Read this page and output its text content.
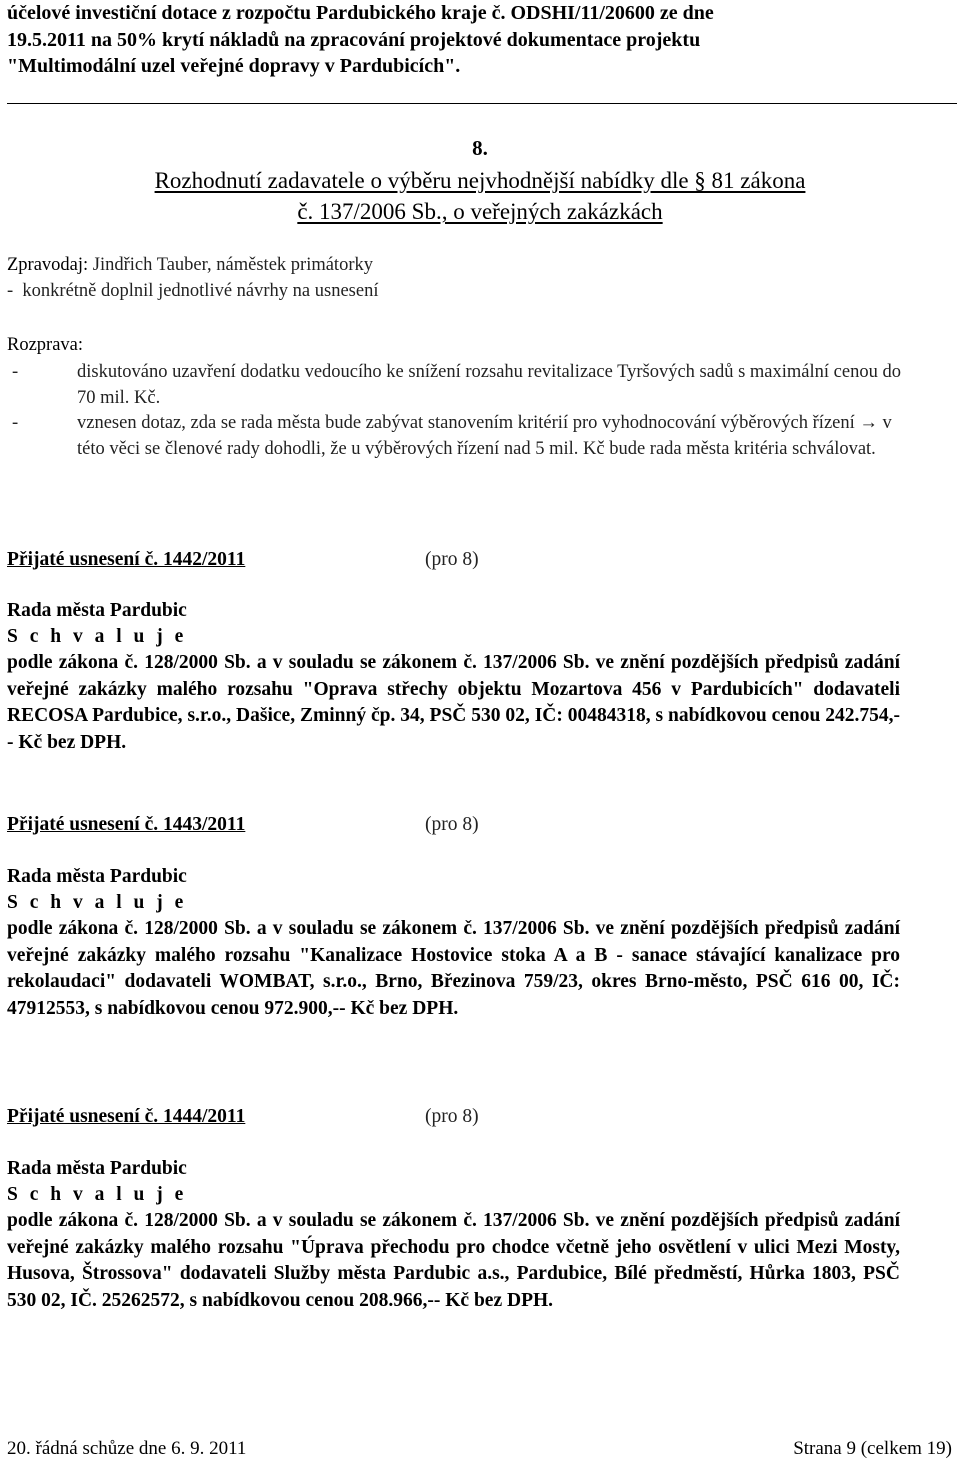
účelové investiční dotace z rozpočtu Pardubického kraje č. ODSHI/11/20600 ze dne

19.5.2011 na 50% krytí nákladů na zpracování projektové dokumentace projektu

"Multimodální uzel veřejné dopravy v Pardubicích".

8.
Rozhodnutí zadavatele o výběru nejvhodnější nabídky dle § 81 zákona
č. 137/2006 Sb., o veřejných zakázkách

Zpravodaj: Jindřich Tauber, náměstek primátorky

- konkrétně doplnil jednotlivé návrhy na usnesení

Rozprava:

-	diskutováno uzavření dodatku vedoucího ke snížení rozsahu revitalizace Tyršových sadů s maximální cenou do 70 mil. Kč.
-	vznesen dotaz, zda se rada města bude zabývat stanovením kritérií pro vyhodnocování výběrových řízení → v této věci se členové rady dohodli, že u výběrových řízení nad 5 mil. Kč bude rada města kritéria schválovat.
Přijaté usnesení č. 1442/2011	(pro 8)
Rada města Pardubic
S c h v a l u j e
podle zákona č. 128/2000 Sb. a v souladu se zákonem č. 137/2006 Sb. ve znění pozdějších předpisů zadání veřejné zakázky malého rozsahu "Oprava střechy objektu Mozartova 456 v Pardubicích" dodavateli RECOSA Pardubice, s.r.o., Dašice, Zminný čp. 34, PSČ 530 02, IČ: 00484318, s nabídkovou cenou 242.754,-- Kč bez DPH.
Přijaté usnesení č. 1443/2011	(pro 8)
Rada města Pardubic
S c h v a l u j e
podle zákona č. 128/2000 Sb. a v souladu se zákonem č. 137/2006 Sb. ve znění pozdějších předpisů zadání veřejné zakázky malého rozsahu "Kanalizace Hostovice stoka A a B - sanace stávající kanalizace pro rekolaudaci" dodavateli WOMBAT, s.r.o., Brno, Březinova 759/23, okres Brno-město, PSČ 616 00, IČ: 47912553, s nabídkovou cenou 972.900,-- Kč bez DPH.
Přijaté usnesení č. 1444/2011	(pro 8)
Rada města Pardubic
S c h v a l u j e
podle zákona č. 128/2000 Sb. a v souladu se zákonem č. 137/2006 Sb. ve znění pozdějších předpisů zadání veřejné zakázky malého rozsahu "Úprava přechodu pro chodce včetně jeho osvětlení v ulici Mezi Mosty, Husova, Štrossova" dodavateli Služby města Pardubic a.s., Pardubice, Bílé předměstí, Hůrka 1803, PSČ 530 02, IČ. 25262572, s nabídkovou cenou 208.966,-- Kč bez DPH.
20. řádná schůze dne 6. 9. 2011	Strana 9 (celkem 19)
